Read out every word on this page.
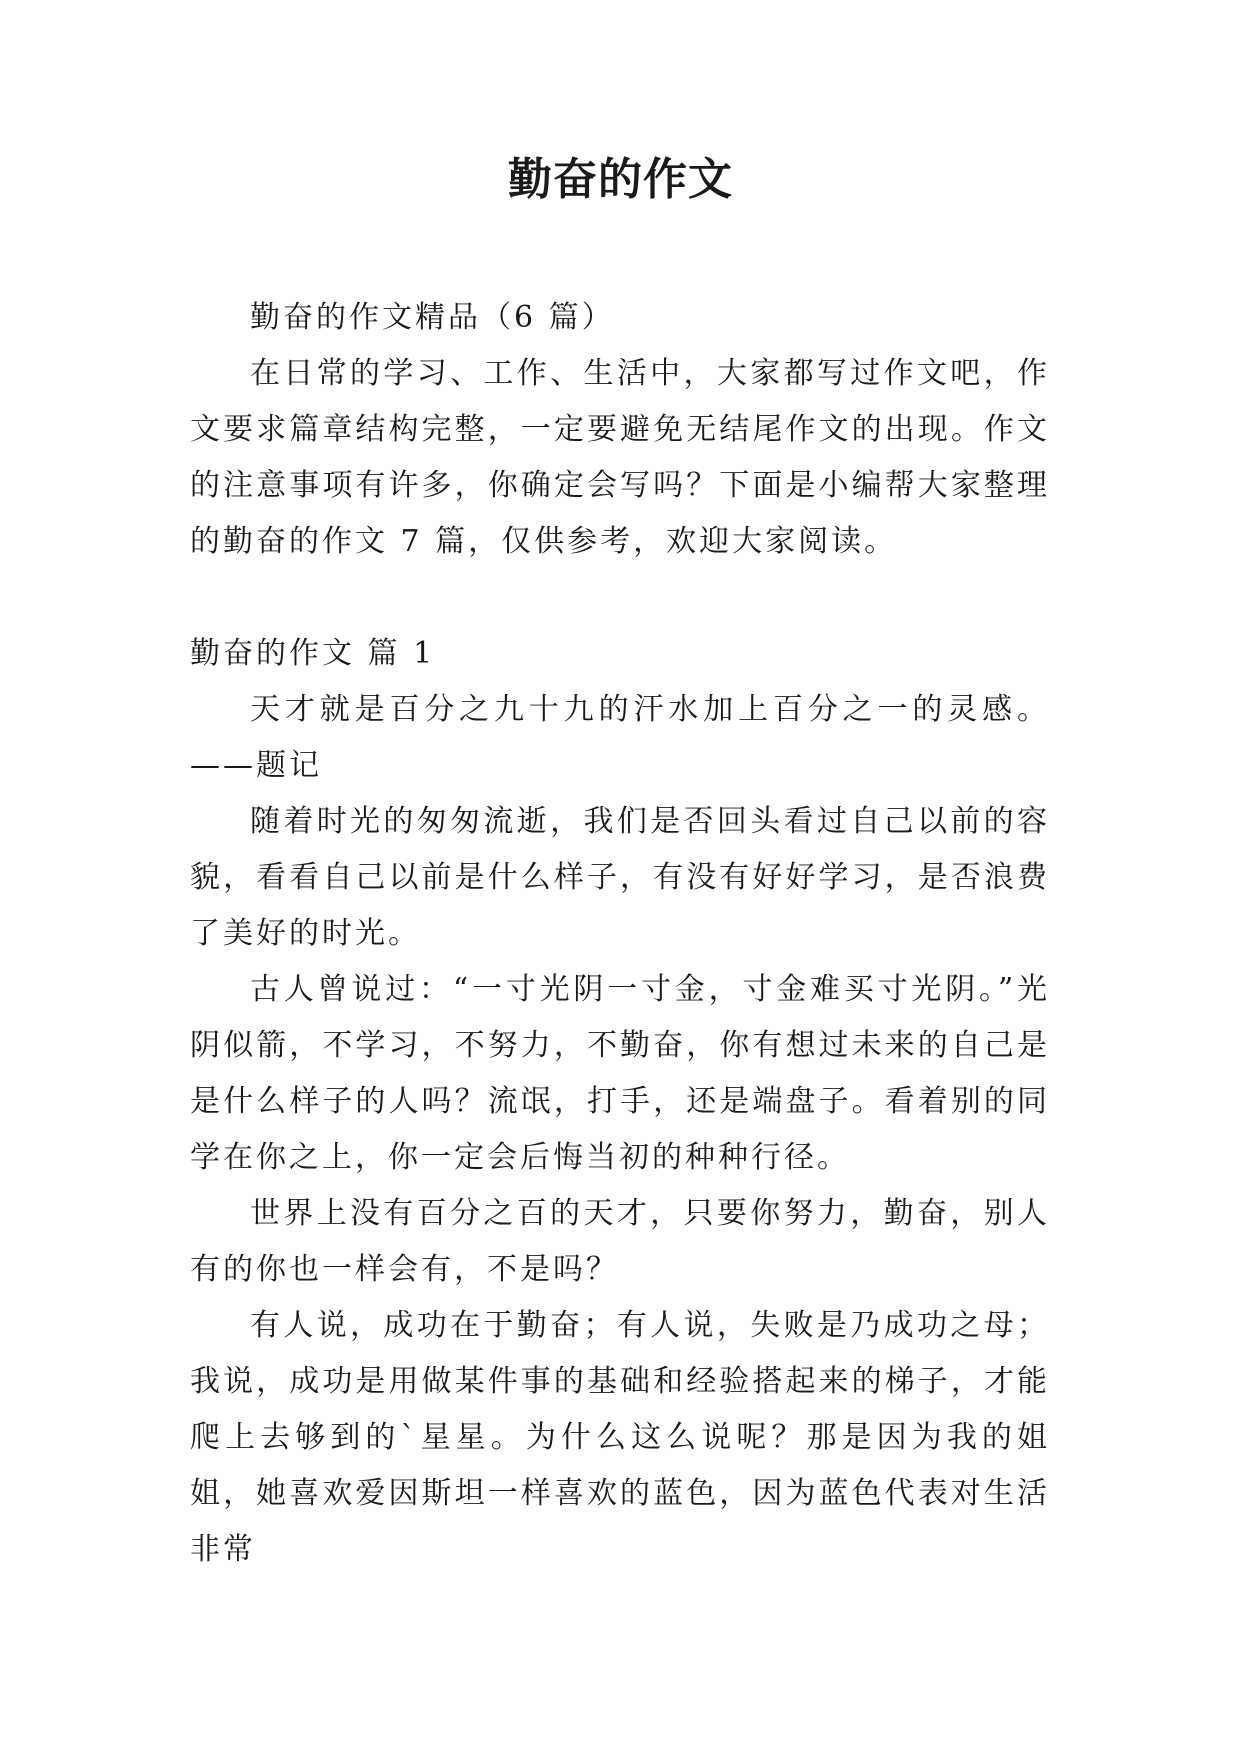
勤奋的作文

勤奋的作文精品（6 篇）

在日常的学习、工作、生活中，大家都写过作文吧，作文要求篇章结构完整，一定要避免无结尾作文的出现。作文的注意事项有许多，你确定会写吗？下面是小编帮大家整理的勤奋的作文 7 篇，仅供参考，欢迎大家阅读。

勤奋的作文 篇 1

天才就是百分之九十九的汗水加上百分之一的灵感。——题记

随着时光的匆匆流逝，我们是否回头看过自己以前的容貌，看看自己以前是什么样子，有没有好好学习，是否浪费了美好的时光。

古人曾说过：“一寸光阴一寸金，寸金难买寸光阴。”光阴似箭，不学习，不努力，不勤奋，你有想过未来的自己是是什么样子的人吗？流氓，打手，还是端盘子。看着别的同学在你之上，你一定会后悔当初的种种行径。

世界上没有百分之百的天才，只要你努力，勤奋，别人有的你也一样会有，不是吗？

有人说，成功在于勤奋；有人说，失败是乃成功之母；我说，成功是用做某件事的基础和经验搭起来的梯子，才能爬上去够到的`星星。为什么这么说呢？那是因为我的姐姐，她喜欢爱因斯坦一样喜欢的蓝色，因为蓝色代表对生活非常
